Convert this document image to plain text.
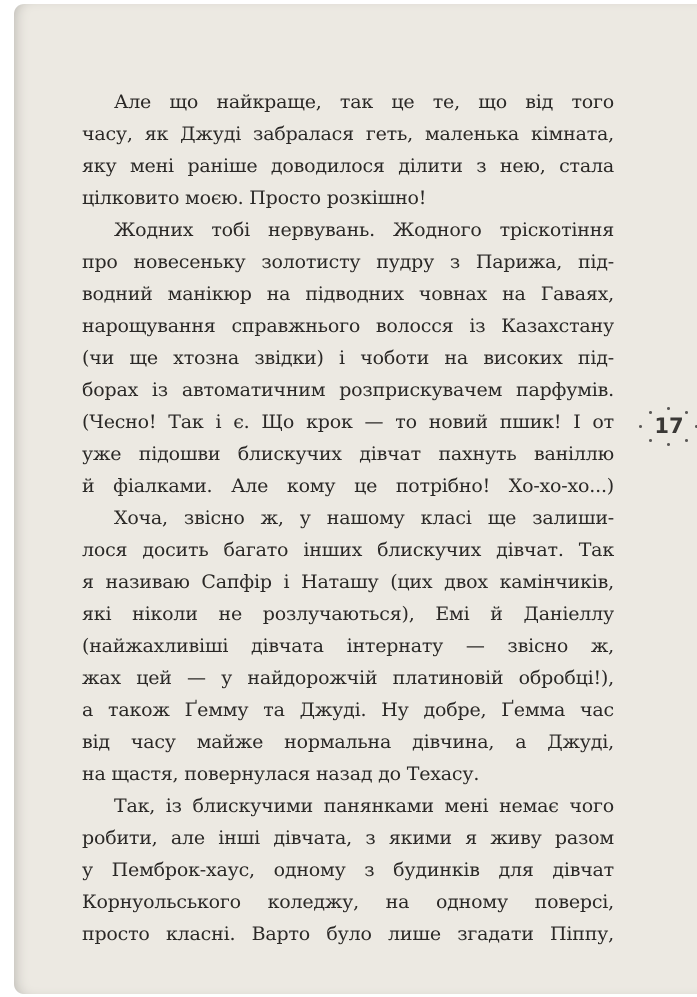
Але що найкраще, так це те, що від того
часу, як Джуді забралася геть, маленька кімната,
яку мені раніше доводилося ділити з нею, стала
цілковито моєю. Просто розкішно!
Жодних тобі нервувань. Жодного тріскотіння
про новесеньку золотисту пудру з Парижа, під-
водний манікюр на підводних човнах на Гаваях,
нарощування справжнього волосся із Казахстану
(чи ще хтозна звідки) і чоботи на високих під-
борах із автоматичним розприскувачем парфумів.
(Чесно! Так і є. Що крок — то новий пшик! І от
уже підошви блискучих дівчат пахнуть ваніллю
й фіалками. Але кому це потрібно! Хо-хо-хо...)
Хоча, звісно ж, у нашому класі ще залиши-
лося досить багато інших блискучих дівчат. Так
я називаю Сапфір і Наташу (цих двох камінчиків,
які ніколи не розлучаються), Емі й Даніеллу
(найжахливіші дівчата інтернату — звісно ж,
жах цей — у найдорожчій платиновій обробці!),
а також Ґемму та Джуді. Ну добре, Ґемма час
від часу майже нормальна дівчина, а Джуді,
на щастя, повернулася назад до Техасу.
Так, із блискучими панянками мені немає чого
робити, але інші дівчата, з якими я живу разом
у Пемброк-хаус, одному з будинків для дівчат
Корнуольського коледжу, на одному поверсі,
просто класні. Варто було лише згадати Піппу,
17
